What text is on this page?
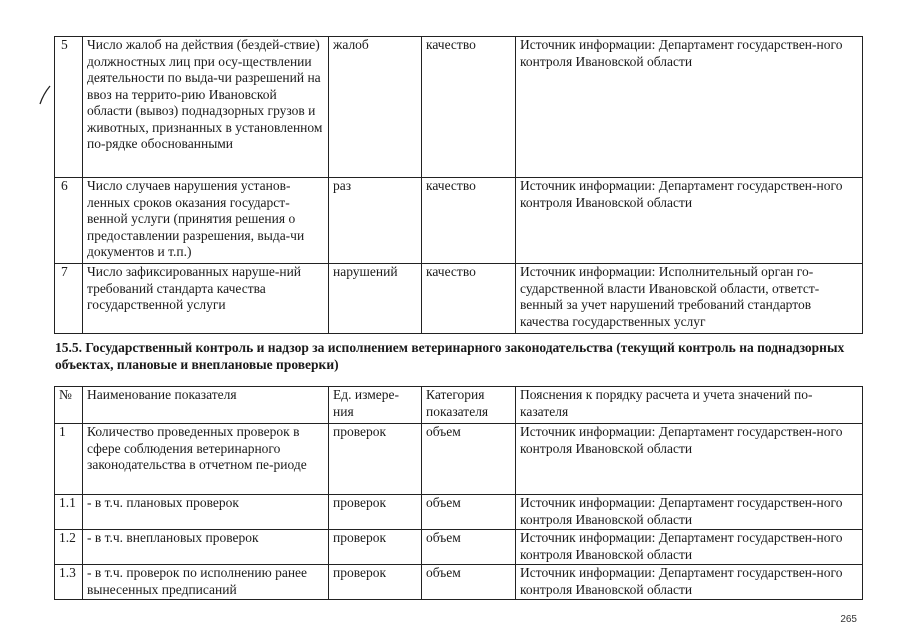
5	Число жалоб на действия (бездей-ствие) должностных лиц при осу-ществлении деятельности по выда-чи разрешений на ввоз на террито-рию Ивановской области (вывоз) поднадзорных грузов и животных, признанных в установленном по-рядке обоснованными	жалоб	качество	Источник информации: Департамент государствен-ного контроля Ивановской области
6	Число случаев нарушения установ-ленных сроков оказания государст-венной услуги (принятия решения о предоставлении разрешения, выда-чи документов и т.п.)	раз	качество	Источник информации: Департамент государствен-ного контроля Ивановской области
7	Число зафиксированных наруше-ний требований стандарта качества государственной услуги	нарушений	качество	Источник информации: Исполнительный орган го-сударственной власти Ивановской области, ответст-венный за учет нарушений требований стандартов качества государственных услуг

15.5. Государственный контроль и надзор за исполнением ветеринарного законодательства (текущий контроль на поднадзорных объектах, плановые и внеплановые проверки)

№	Наименование показателя	Ед. измере-ния	Категория показателя	Пояснения к порядку расчета и учета значений по-казателя
1	Количество проведенных проверок в сфере соблюдения ветеринарного законодательства в отчетном пе-риоде	проверок	объем	Источник информации: Департамент государствен-ного контроля Ивановской области
1.1	- в т.ч. плановых проверок	проверок	объем	Источник информации: Департамент государствен-ного контроля Ивановской области
1.2	- в т.ч. внеплановых проверок	проверок	объем	Источник информации: Департамент государствен-ного контроля Ивановской области
1.3	- в т.ч. проверок по исполнению ранее вынесенных предписаний	проверок	объем	Источник информации: Департамент государствен-ного контроля Ивановской области
265
